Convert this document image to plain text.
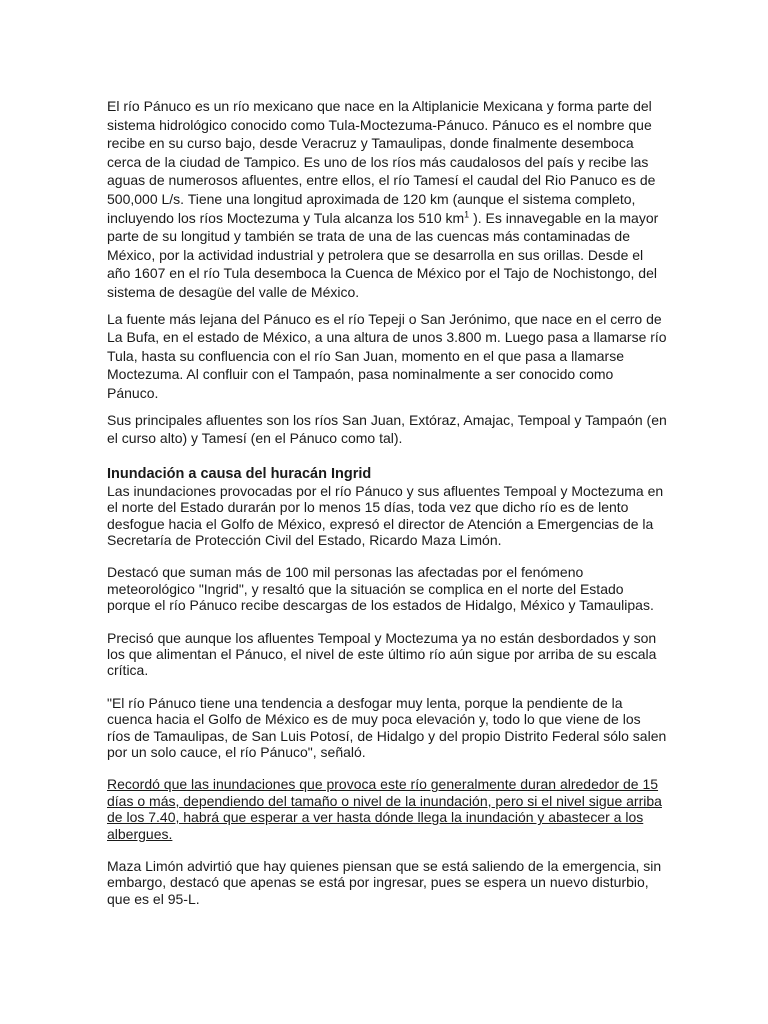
El río Pánuco es un río mexicano que nace en la Altiplanicie Mexicana y forma parte del sistema hidrológico conocido como Tula-Moctezuma-Pánuco. Pánuco es el nombre que recibe en su curso bajo, desde Veracruz y Tamaulipas, donde finalmente desemboca cerca de la ciudad de Tampico. Es uno de los ríos más caudalosos del país y recibe las aguas de numerosos afluentes, entre ellos, el río Tamesí el caudal del Rio Panuco es de 500,000 L/s. Tiene una longitud aproximada de 120 km (aunque el sistema completo, incluyendo los ríos Moctezuma y Tula alcanza los 510 $km^1$ ). Es innavegable en la mayor parte de su longitud y también se trata de una de las cuencas más contaminadas de México, por la actividad industrial y petrolera que se desarrolla en sus orillas. Desde el año 1607 en el río Tula desemboca la Cuenca de México por el Tajo de Nochistongo, del sistema de desagüe del valle de México.

La fuente más lejana del Pánuco es el río Tepeji o San Jerónimo, que nace en el cerro de La Bufa, en el estado de México, a una altura de unos 3.800 m. Luego pasa a llamarse río Tula, hasta su confluencia con el río San Juan, momento en el que pasa a llamarse Moctezuma. Al confluir con el Tampaón, pasa nominalmente a ser conocido como Pánuco.

Sus principales afluentes son los ríos San Juan, Extóraz, Amajac, Tempoal y Tampaón (en el curso alto) y Tamesí (en el Pánuco como tal).

Inundación a causa del huracán Ingrid

Las inundaciones provocadas por el río Pánuco y sus afluentes Tempoal y Moctezuma en el norte del Estado durarán por lo menos 15 días, toda vez que dicho río es de lento desfogue hacia el Golfo de México, expresó el director de Atención a Emergencias de la Secretaría de Protección Civil del Estado, Ricardo Maza Limón.

Destacó que suman más de 100 mil personas las afectadas por el fenómeno meteorológico "Ingrid", y resaltó que la situación se complica en el norte del Estado porque el río Pánuco recibe descargas de los estados de Hidalgo, México y Tamaulipas.

Precisó que aunque los afluentes Tempoal y Moctezuma ya no están desbordados y son los que alimentan el Pánuco, el nivel de este último río aún sigue por arriba de su escala crítica.

"El río Pánuco tiene una tendencia a desfogar muy lenta, porque la pendiente de la cuenca hacia el Golfo de México es de muy poca elevación y, todo lo que viene de los ríos de Tamaulipas, de San Luis Potosí, de Hidalgo y del propio Distrito Federal sólo salen por un solo cauce, el río Pánuco", señaló.

Recordó que las inundaciones que provoca este río generalmente duran alrededor de 15 días o más, dependiendo del tamaño o nivel de la inundación, pero si el nivel sigue arriba de los 7.40, habrá que esperar a ver hasta dónde llega la inundación y abastecer a los albergues.

Maza Limón advirtió que hay quienes piensan que se está saliendo de la emergencia, sin embargo, destacó que apenas se está por ingresar, pues se espera un nuevo disturbio, que es el 95-L.
